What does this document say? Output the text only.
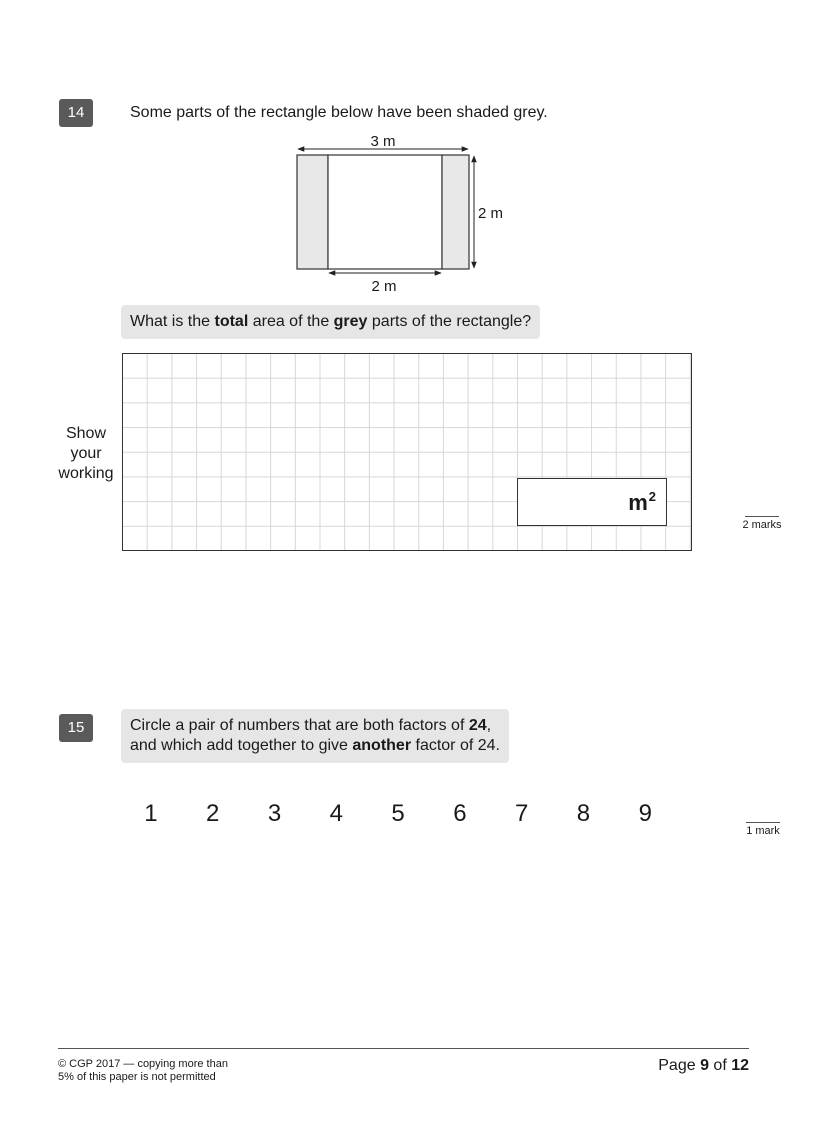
14	Some parts of the rectangle below have been shaded grey.
3 m
2 m
2 m
What is the total area of the grey parts of the rectangle?
Show
your
working
$m^2$
2 marks
15	Circle a pair of numbers that are both factors of 24,
and which add together to give another factor of 24.
1	2	3	4	5	6	7	8	9
1 mark
© CGP 2017 — copying more than
5% of this paper is not permitted
Page 9 of 12
